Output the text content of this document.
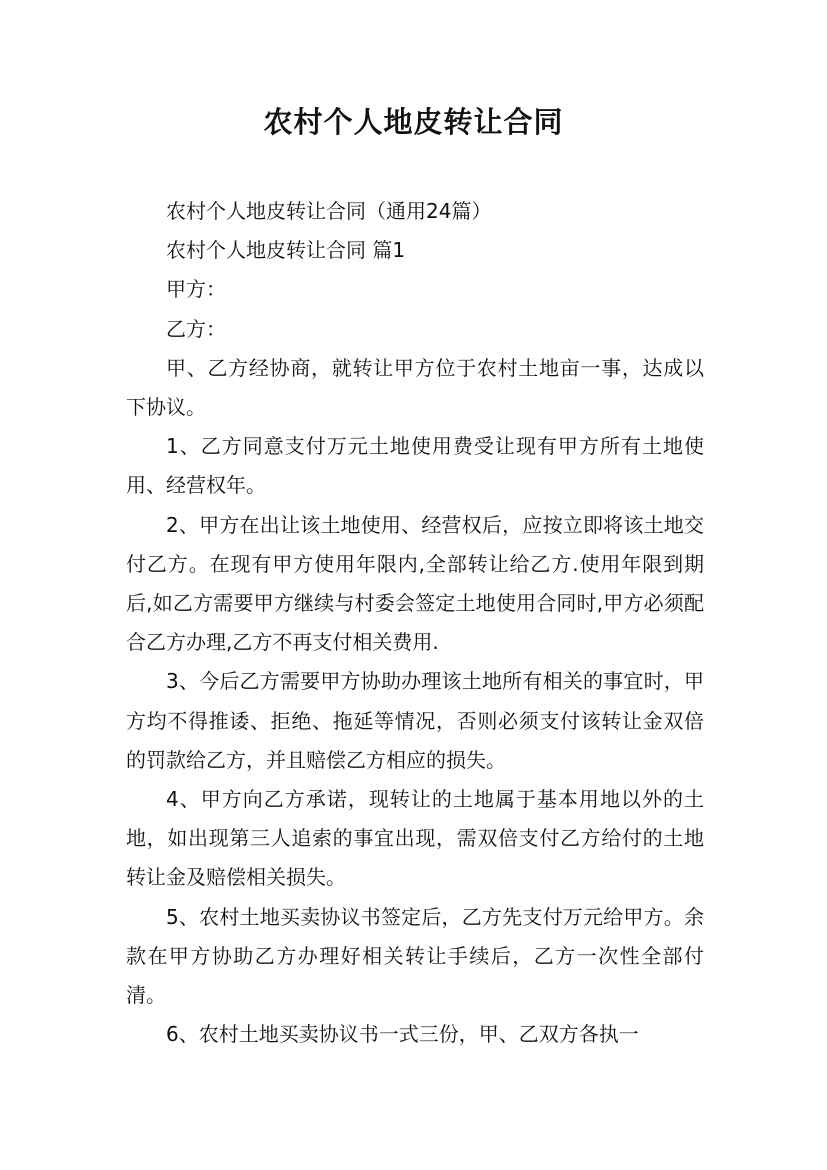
农村个人地皮转让合同

农村个人地皮转让合同（通用24篇）

农村个人地皮转让合同 篇1

甲方：

乙方：

甲、乙方经协商，就转让甲方位于农村土地亩一事，达成以下协议。

1、乙方同意支付万元土地使用费受让现有甲方所有土地使用、经营权年。

2、甲方在出让该土地使用、经营权后，应按立即将该土地交付乙方。在现有甲方使用年限内,全部转让给乙方.使用年限到期后,如乙方需要甲方继续与村委会签定土地使用合同时,甲方必须配合乙方办理,乙方不再支付相关费用.

3、今后乙方需要甲方协助办理该土地所有相关的事宜时，甲方均不得推诿、拒绝、拖延等情况，否则必须支付该转让金双倍的罚款给乙方，并且赔偿乙方相应的损失。

4、甲方向乙方承诺，现转让的土地属于基本用地以外的土地，如出现第三人追索的事宜出现，需双倍支付乙方给付的土地转让金及赔偿相关损失。

5、农村土地买卖协议书签定后，乙方先支付万元给甲方。余款在甲方协助乙方办理好相关转让手续后，乙方一次性全部付清。

6、农村土地买卖协议书一式三份，甲、乙双方各执一
